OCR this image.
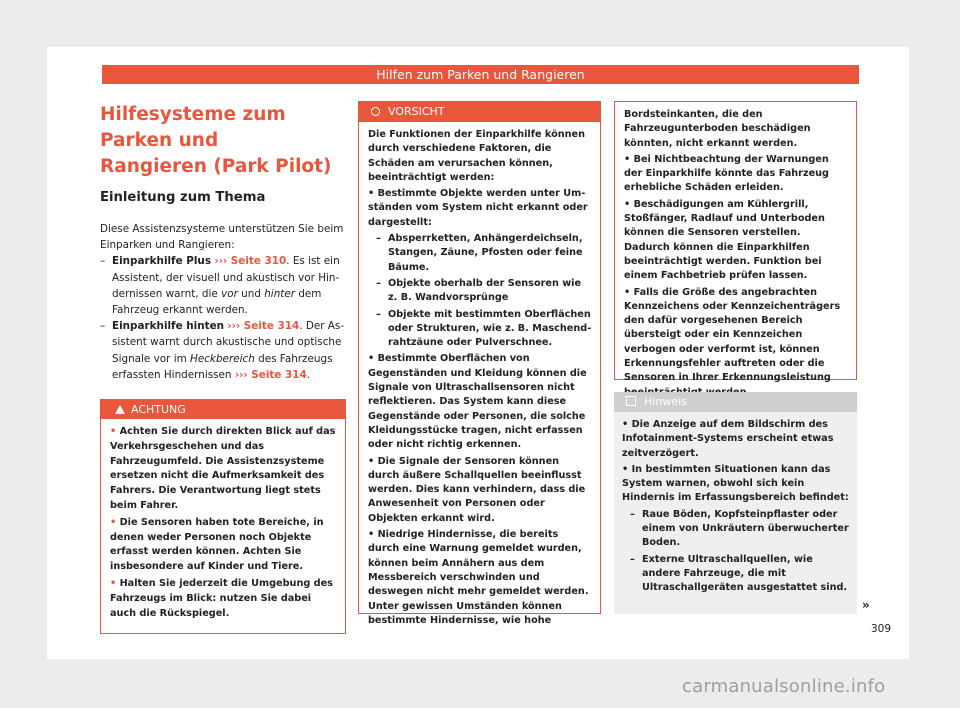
Hilfen zum Parken und Rangieren
Hilfesysteme zum Parken und
Rangieren (Park Pilot)
Einleitung zum Thema
Diese Assistenzsysteme unterstützen Sie beim Einparken und Rangieren:
– Einparkhilfe Plus ››› Seite 310. Es ist ein Assistent, der visuell und akustisch vor Hindernissen warnt, die vor und hinter dem Fahrzeug erkannt werden.
– Einparkhilfe hinten ››› Seite 314. Der Assistent warnt durch akustische und optische Signale vor im Heckbereich des Fahrzeugs erfassten Hindernissen ››› Seite 314.
ACHTUNG

• Achten Sie durch direkten Blick auf das Verkehrsgeschehen und das Fahrzeugumfeld. Die Assistenzsysteme ersetzen nicht die Aufmerksamkeit des Fahrers. Die Verantwortung liegt stets beim Fahrer.

• Die Sensoren haben tote Bereiche, in denen weder Personen noch Objekte erfasst werden können. Achten Sie insbesondere auf Kinder und Tiere.

• Halten Sie jederzeit die Umgebung des Fahrzeugs im Blick: nutzen Sie dabei auch die Rückspiegel.

VORSICHT

Die Funktionen der Einparkhilfe können durch verschiedene Faktoren, die Schäden am verursachen können, beeinträchtigt werden:

• Bestimmte Objekte werden unter Umständen vom System nicht erkannt oder dargestellt:

– Absperrketten, Anhängerdeichseln, Stangen, Zäune, Pfosten oder feine Bäume.
– Objekte oberhalb der Sensoren wie z. B. Wandvorsprünge
– Objekte mit bestimmten Oberflächen oder Strukturen, wie z. B. Maschendrahtzäune oder Pulverschnee.

• Bestimmte Oberflächen von Gegenständen und Kleidung können die Signale von Ultraschallsensoren nicht reflektieren. Das System kann diese Gegenstände oder Personen, die solche Kleidungsstücke tragen, nicht erfassen oder nicht richtig erkennen.

• Die Signale der Sensoren können durch äußere Schallquellen beeinflusst werden. Dies kann verhindern, dass die Anwesenheit von Personen oder Objekten erkannt wird.

• Niedrige Hindernisse, die bereits durch eine Warnung gemeldet wurden, können beim Annähern aus dem Messbereich verschwinden und deswegen nicht mehr gemeldet werden. Unter gewissen Umständen können bestimmte Hindernisse, wie hohe

Bordsteinkanten, die den Fahrzeugunterboden beschädigen könnten, nicht erkannt werden.

• Bei Nichtbeachtung der Warnungen der Einparkhilfe könnte das Fahrzeug erhebliche Schäden erleiden.

• Beschädigungen am Kühlergrill, Stoßfänger, Radlauf und Unterboden können die Sensoren verstellen. Dadurch können die Einparkhilfen beeinträchtigt werden. Funktion bei einem Fachbetrieb prüfen lassen.

• Falls die Größe des angebrachten Kennzeichens oder Kennzeichenträgers den dafür vorgesehenen Bereich übersteigt oder ein Kennzeichen verbogen oder verformt ist, können Erkennungsfehler auftreten oder die Sensoren in Ihrer Erkennungsleistung

Hinweis

• Die Anzeige auf dem Bildschirm des Infotainment-Systems erscheint etwas zeitverzögert.

• In bestimmten Situationen kann das System warnen, obwohl sich kein Hindernis im Erfassungsbereich befindet:

– Raue Böden, Kopfsteinpflaster oder einem von Unkräutern überwucherter Boden.
– Externe Ultraschallquellen, wie andere Fahrzeuge, die mit Ultraschallgeräten ausgestattet sind.
»
309
carmanualsonline.info
